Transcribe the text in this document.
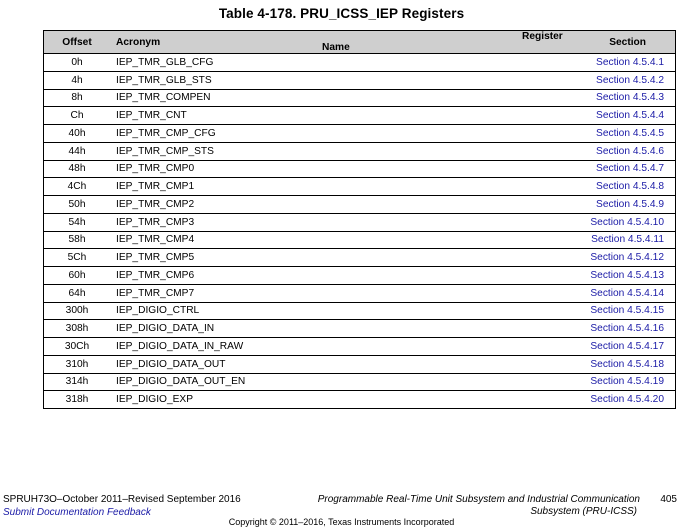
Table 4-178. PRU_ICSS_IEP Registers
Offset	Acronym	Register Name	Section
0h	IEP_TMR_GLB_CFG		Section 4.5.4.1
4h	IEP_TMR_GLB_STS		Section 4.5.4.2
8h	IEP_TMR_COMPEN		Section 4.5.4.3
Ch	IEP_TMR_CNT		Section 4.5.4.4
40h	IEP_TMR_CMP_CFG		Section 4.5.4.5
44h	IEP_TMR_CMP_STS		Section 4.5.4.6
48h	IEP_TMR_CMP0		Section 4.5.4.7
4Ch	IEP_TMR_CMP1		Section 4.5.4.8
50h	IEP_TMR_CMP2		Section 4.5.4.9
54h	IEP_TMR_CMP3		Section 4.5.4.10
58h	IEP_TMR_CMP4		Section 4.5.4.11
5Ch	IEP_TMR_CMP5		Section 4.5.4.12
60h	IEP_TMR_CMP6		Section 4.5.4.13
64h	IEP_TMR_CMP7		Section 4.5.4.14
300h	IEP_DIGIO_CTRL		Section 4.5.4.15
308h	IEP_DIGIO_DATA_IN		Section 4.5.4.16
30Ch	IEP_DIGIO_DATA_IN_RAW		Section 4.5.4.17
310h	IEP_DIGIO_DATA_OUT		Section 4.5.4.18
314h	IEP_DIGIO_DATA_OUT_EN		Section 4.5.4.19
318h	IEP_DIGIO_EXP		Section 4.5.4.20
SPRUH73O–October 2011–Revised September 2016
Submit Documentation Feedback
Programmable Real-Time Unit Subsystem and Industrial Communication
Subsystem (PRU-ICSS)
405
Copyright © 2011–2016, Texas Instruments Incorporated
